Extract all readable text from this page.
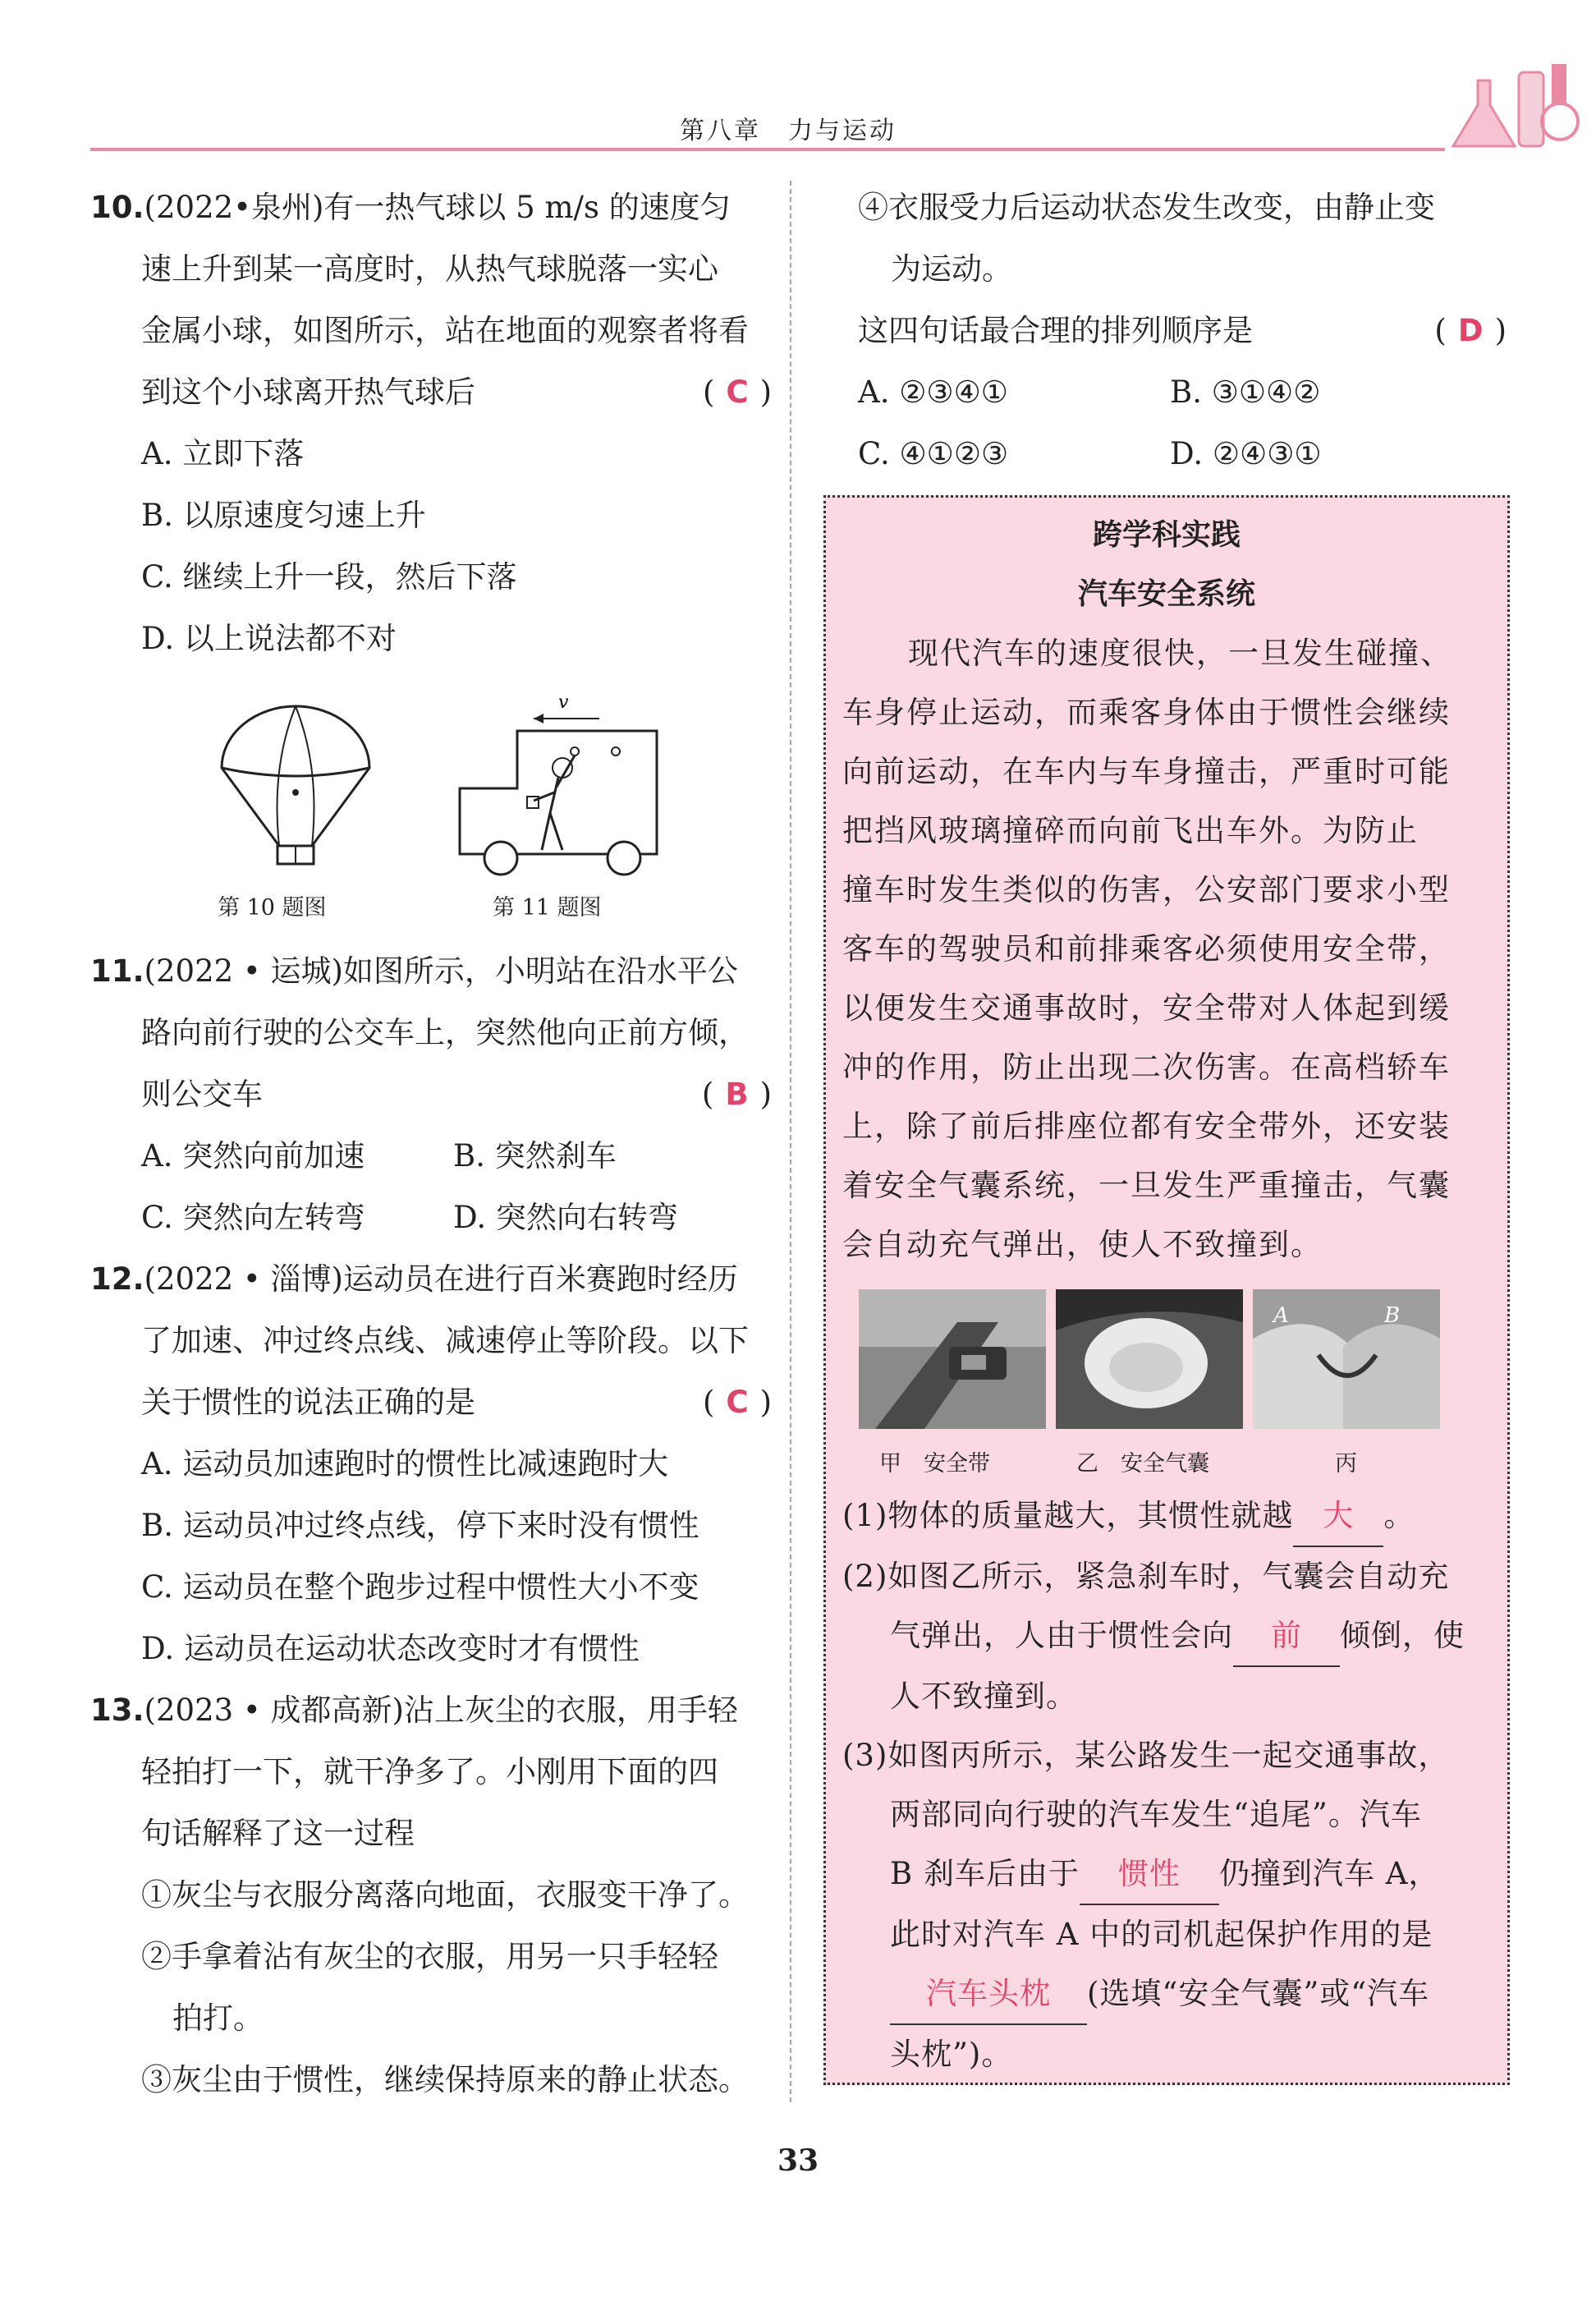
第八章　力与运动
10.(2022•泉州)有一热气球以 5 m/s 的速度匀
速上升到某一高度时，从热气球脱落一实心
金属小球，如图所示，站在地面的观察者将看
到这个小球离开热气球后	( C )
A. 立即下落
B. 以原速度匀速上升
C. 继续上升一段，然后下落
D. 以上说法都不对
第 10 题图
v
第 11 题图
11.(2022 • 运城)如图所示，小明站在沿水平公
路向前行驶的公交车上，突然他向正前方倾，
则公交车	( B )
A. 突然向前加速	B. 突然刹车
C. 突然向左转弯	D. 突然向右转弯
12.(2022 • 淄博)运动员在进行百米赛跑时经历
了加速、冲过终点线、减速停止等阶段。以下
关于惯性的说法正确的是	( C )
A. 运动员加速跑时的惯性比减速跑时大
B. 运动员冲过终点线，停下来时没有惯性
C. 运动员在整个跑步过程中惯性大小不变
D. 运动员在运动状态改变时才有惯性
13.(2023 • 成都高新)沾上灰尘的衣服，用手轻
轻拍打一下，就干净多了。小刚用下面的四
句话解释了这一过程
①灰尘与衣服分离落向地面，衣服变干净了。
②手拿着沾有灰尘的衣服，用另一只手轻轻
拍打。
③灰尘由于惯性，继续保持原来的静止状态。
④衣服受力后运动状态发生改变，由静止变
为运动。
这四句话最合理的排列顺序是	( D )
A. ②③④①	B. ③①④②
C. ④①②③	D. ②④③①
跨学科实践
汽车安全系统

现代汽车的速度很快，一旦发生碰撞、

车身停止运动，而乘客身体由于惯性会继续

向前运动，在车内与车身撞击，严重时可能

把挡风玻璃撞碎而向前飞出车外。为防止

撞车时发生类似的伤害，公安部门要求小型

客车的驾驶员和前排乘客必须使用安全带，

以便发生交通事故时，安全带对人体起到缓

冲的作用，防止出现二次伤害。在高档轿车

上，除了前后排座位都有安全带外，还安装

着安全气囊系统，一旦发生严重撞击，气囊

会自动充气弹出，使人不致撞到。

A	B
甲　安全带	乙　安全气囊	丙
(1)物体的质量越大，其惯性就越 大 。
(2)如图乙所示，紧急刹车时，气囊会自动充
气弹出，人由于惯性会向 前 倾倒，使
人不致撞到。
(3)如图丙所示，某公路发生一起交通事故，
两部同向行驶的汽车发生“追尾”。汽车
B 刹车后由于 惯性 仍撞到汽车 A，
此时对汽车 A 中的司机起保护作用的是
汽车头枕 (选填“安全气囊”或“汽车
头枕”)。
33
